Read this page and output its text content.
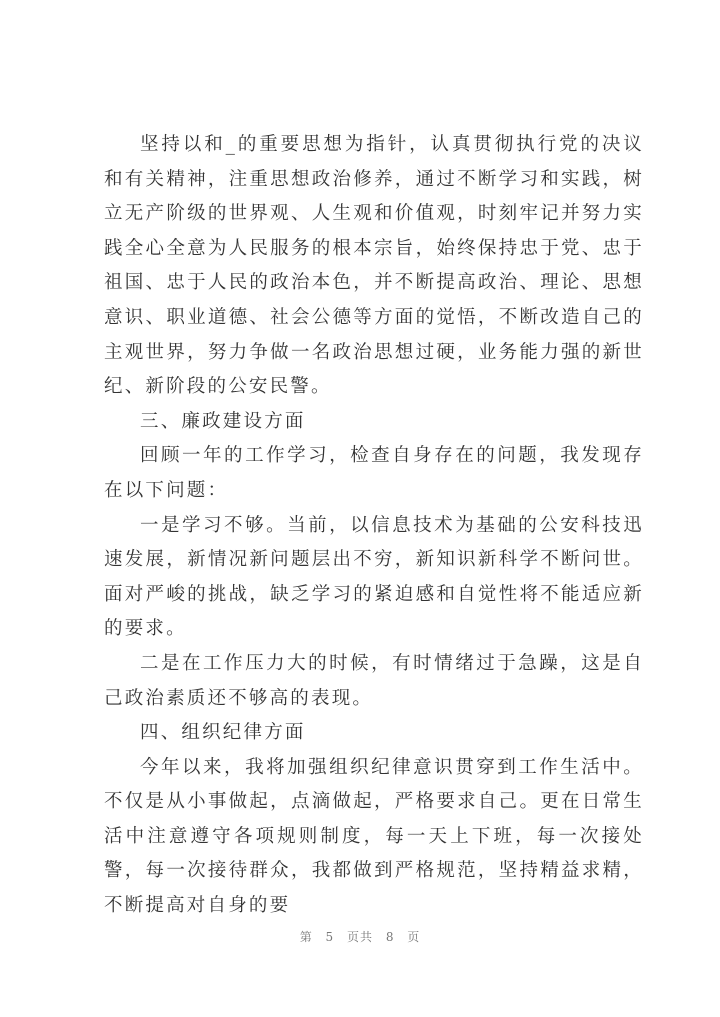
坚持以和_的重要思想为指针，认真贯彻执行党的决议和有关精神，注重思想政治修养，通过不断学习和实践，树立无产阶级的世界观、人生观和价值观，时刻牢记并努力实践全心全意为人民服务的根本宗旨，始终保持忠于党、忠于祖国、忠于人民的政治本色，并不断提高政治、理论、思想意识、职业道德、社会公德等方面的觉悟，不断改造自己的主观世界，努力争做一名政治思想过硬，业务能力强的新世纪、新阶段的公安民警。

三、廉政建设方面

回顾一年的工作学习，检查自身存在的问题，我发现存在以下问题：

一是学习不够。当前，以信息技术为基础的公安科技迅速发展，新情况新问题层出不穷，新知识新科学不断问世。面对严峻的挑战，缺乏学习的紧迫感和自觉性将不能适应新的要求。

二是在工作压力大的时候，有时情绪过于急躁，这是自己政治素质还不够高的表现。

四、组织纪律方面

今年以来，我将加强组织纪律意识贯穿到工作生活中。不仅是从小事做起，点滴做起，严格要求自己。更在日常生活中注意遵守各项规则制度，每一天上下班，每一次接处警，每一次接待群众，我都做到严格规范，坚持精益求精，不断提高对自身的要

第 5 页共 8 页
